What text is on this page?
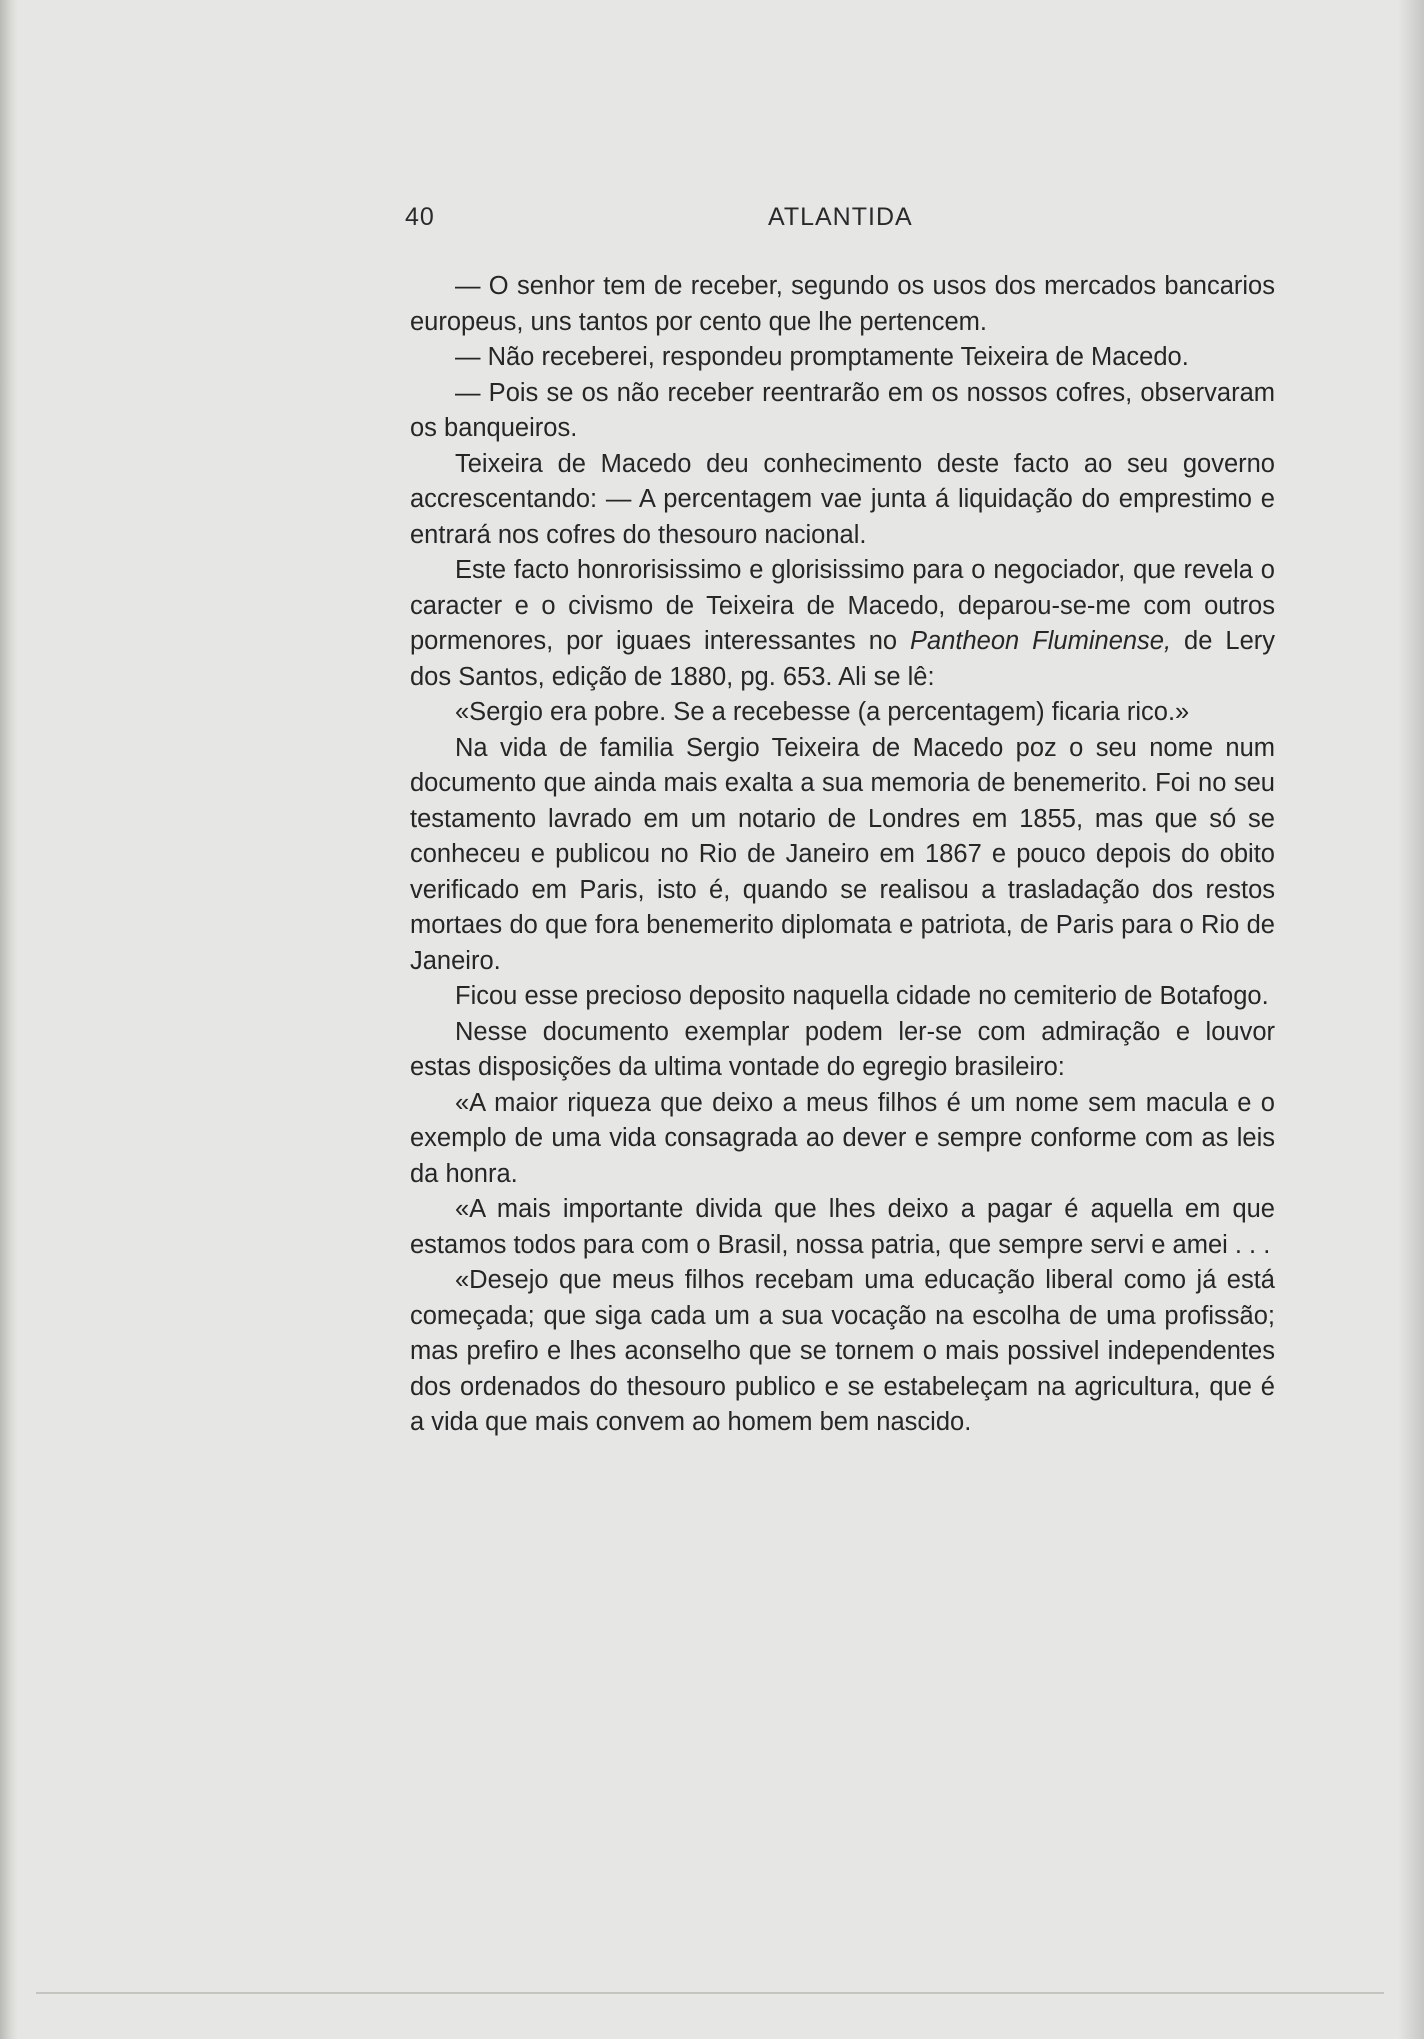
40	ATLANTIDA

— O senhor tem de receber, segundo os usos dos mercados bancarios europeus, uns tantos por cento que lhe pertencem.

— Não receberei, respondeu promptamente Teixeira de Macedo.

— Pois se os não receber reentrarão em os nossos cofres, observaram os banqueiros.

Teixeira de Macedo deu conhecimento deste facto ao seu governo accrescentando: — A percentagem vae junta á liquidação do emprestimo e entrará nos cofres do thesouro nacional.

Este facto honrorisissimo e glorisissimo para o negociador, que revela o caracter e o civismo de Teixeira de Macedo, deparou-se-me com outros pormenores, por iguaes interessantes no Pantheon Fluminense, de Lery dos Santos, edição de 1880, pg. 653. Ali se lê:

«Sergio era pobre. Se a recebesse (a percentagem) ficaria rico.»

Na vida de familia Sergio Teixeira de Macedo poz o seu nome num documento que ainda mais exalta a sua memoria de benemerito. Foi no seu testamento lavrado em um notario de Londres em 1855, mas que só se conheceu e publicou no Rio de Janeiro em 1867 e pouco depois do obito verificado em Paris, isto é, quando se realisou a trasladação dos restos mortaes do que fora benemerito diplomata e patriota, de Paris para o Rio de Janeiro.

Ficou esse precioso deposito naquella cidade no cemiterio de Botafogo.

Nesse documento exemplar podem ler-se com admiração e louvor estas disposições da ultima vontade do egregio brasileiro:

«A maior riqueza que deixo a meus filhos é um nome sem macula e o exemplo de uma vida consagrada ao dever e sempre conforme com as leis da honra.

«A mais importante divida que lhes deixo a pagar é aquella em que estamos todos para com o Brasil, nossa patria, que sempre servi e amei . . .

«Desejo que meus filhos recebam uma educação liberal como já está começada; que siga cada um a sua vocação na escolha de uma profissão; mas prefiro e lhes aconselho que se tornem o mais possivel independentes dos ordenados do thesouro publico e se estabeleçam na agricultura, que é a vida que mais convem ao homem bem nascido.
